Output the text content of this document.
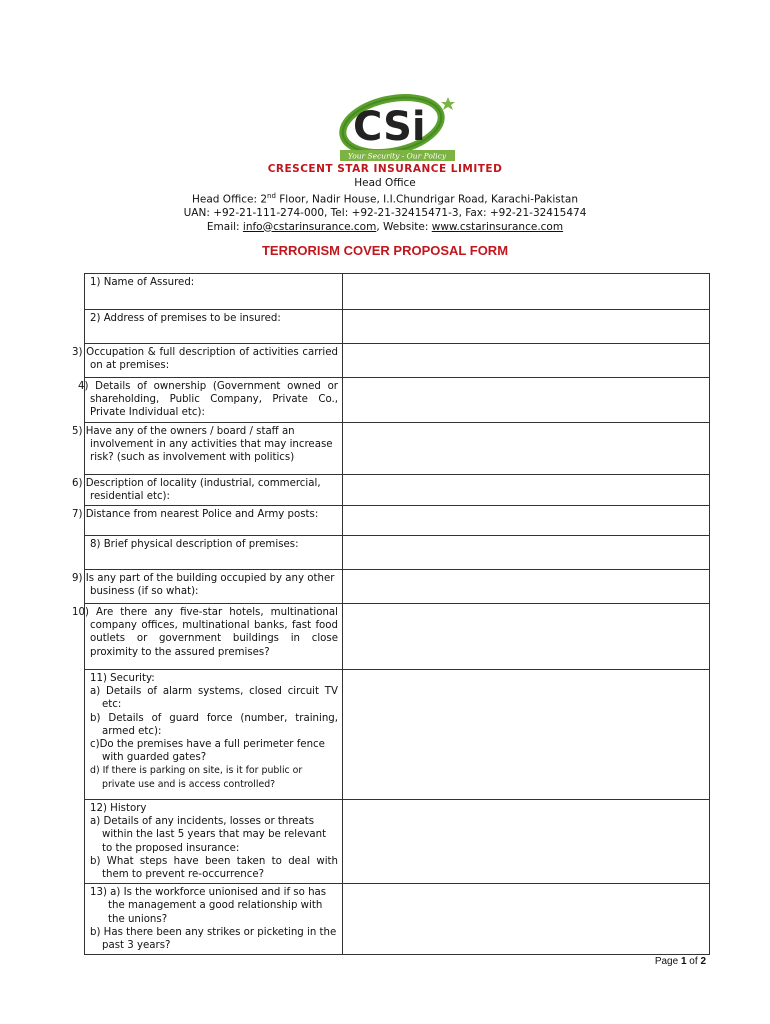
CSi
Your Security - Our Policy
CRESCENT STAR INSURANCE LIMITED
Head Office
Head Office: 2nd Floor, Nadir House, I.I.Chundrigar Road, Karachi-Pakistan
UAN: +92-21-111-274-000, Tel: +92-21-32415471-3, Fax: +92-21-32415474
Email: info@cstarinsurance.com, Website: www.cstarinsurance.com
TERRORISM COVER PROPOSAL FORM
1) Name of Assured:	
2) Address of premises to be insured:	
3) Occupation & full description of activities carried on at premises:	
4) Details of ownership (Government owned or shareholding, Public Company, Private Co., Private Individual etc):	
5) Have any of the owners / board / staff an involvement in any activities that may increase risk? (such as involvement with politics)	
6) Description of locality (industrial, commercial, residential etc):	
7) Distance from nearest Police and Army posts:	
8) Brief physical description of premises:	
9) Is any part of the building occupied by any other business (if so what):	
10) Are there any five-star hotels, multinational company offices, multinational banks, fast food outlets or government buildings in close proximity to the assured premises?	

11) Security:
a) Details of alarm systems, closed circuit TV etc:
b) Details of guard force (number, training, armed etc):
c)Do the premises have a full perimeter fence with guarded gates?
d) If there is parking on site, is it for public or private use and is access controlled?	

12) History
a) Details of any incidents, losses or threats within the last 5 years that may be relevant to the proposed insurance:
b) What steps have been taken to deal with them to prevent re-occurrence?	

13) a) Is the workforce unionised and if so has the management a good relationship with the unions?
b) Has there been any strikes or picketing in the past 3 years?	

Page 1 of 2
